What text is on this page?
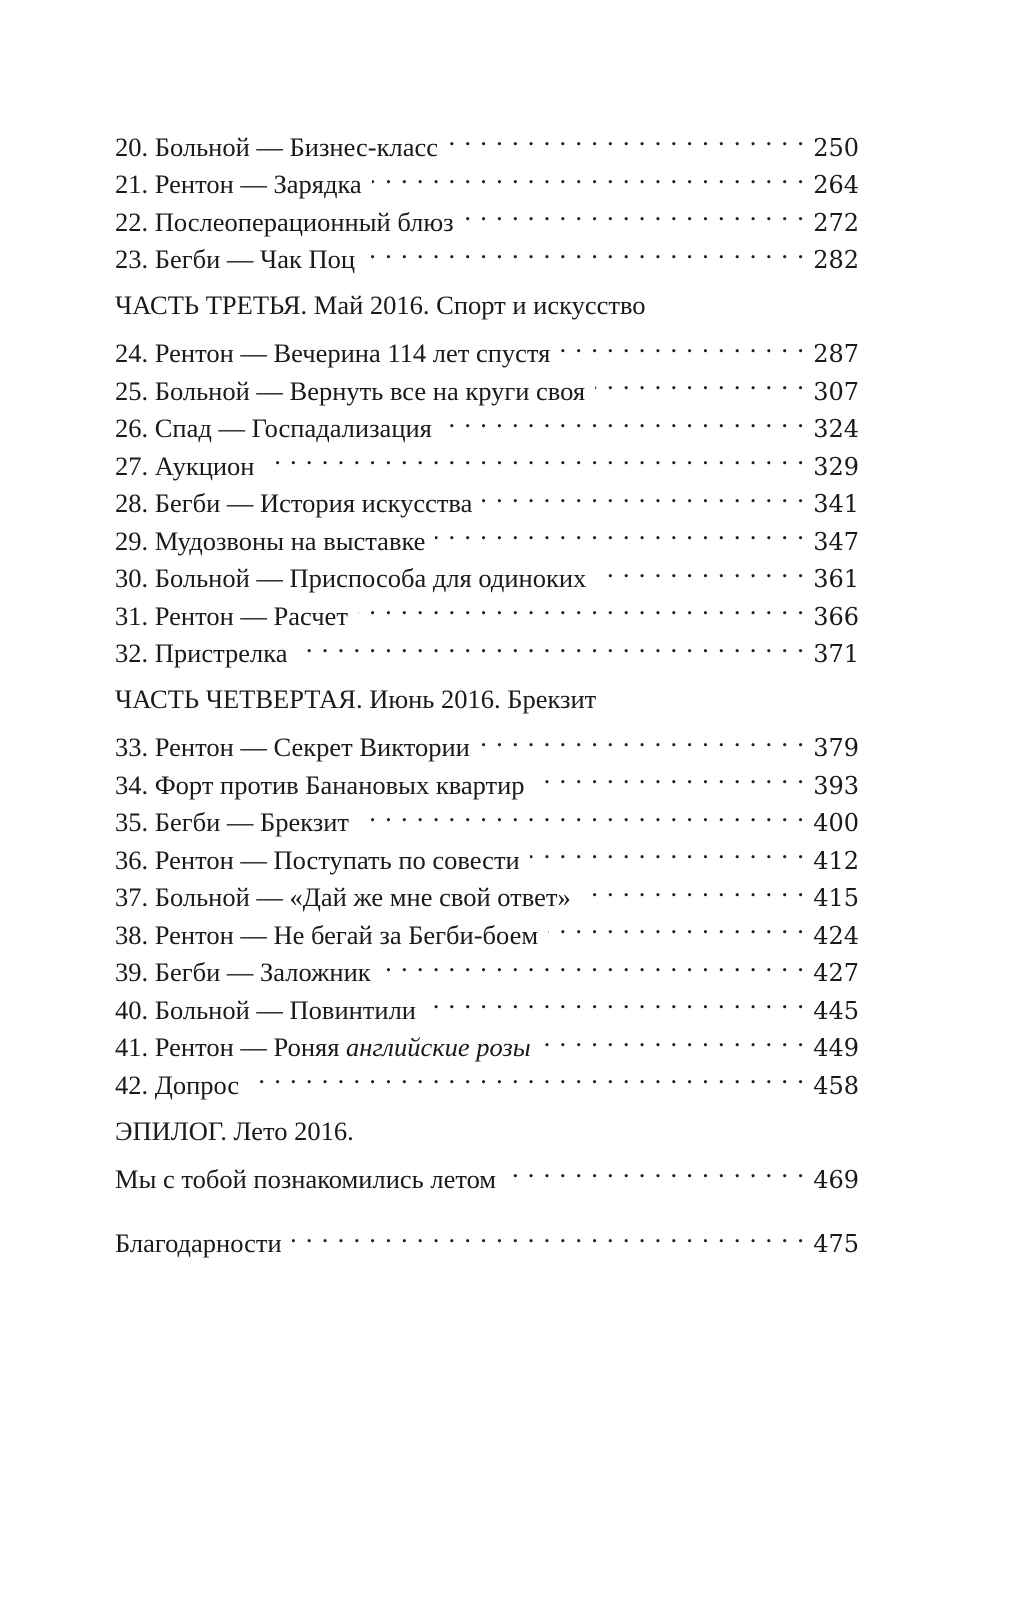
20. Больной — Бизнес-класс . . .	250
21. Рентон — Зарядка . . .	264
22. Послеоперационный блюз . . .	272
23. Бегби — Чак Поц . . .	282
ЧАСТЬ ТРЕТЬЯ. Май 2016. Спорт и искусство
24. Рентон — Вечерина 114 лет спустя . . .	287
25. Больной — Вернуть все на круги своя . . .	307
26. Спад — Госпадализация . . .	324
27. Аукцион . . .	329
28. Бегби — История искусства . . .	341
29. Мудозвоны на выставке . . .	347
30. Больной — Приспособа для одиноких . . .	361
31. Рентон — Расчет . . .	366
32. Пристрелка . . .	371
ЧАСТЬ ЧЕТВЕРТАЯ. Июнь 2016. Брекзит
33. Рентон — Секрет Виктории . . .	379
34. Форт против Банановых квартир . . .	393
35. Бегби — Брекзит . . .	400
36. Рентон — Поступать по совести . . .	412
37. Больной — «Дай же мне свой ответ» . . .	415
38. Рентон — Не бегай за Бегби-боем . . .	424
39. Бегби — Заложник . . .	427
40. Больной — Повинтили . . .	445
41. Рентон — Роняя английские розы . . .	449
42. Допрос . . .	458
ЭПИЛОГ. Лето 2016.
Мы с тобой познакомились летом . . .	469
Благодарности . . .	475
